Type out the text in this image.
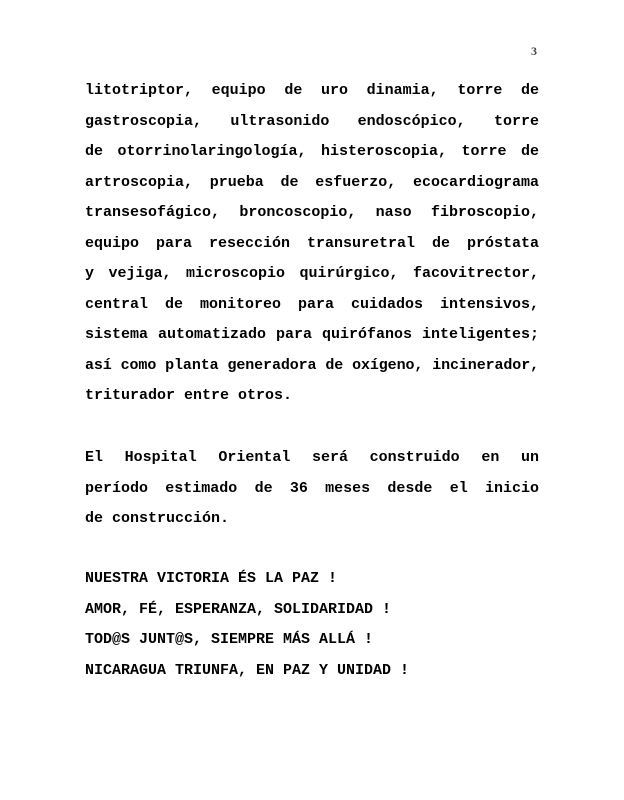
3
litotriptor, equipo de uro dinamia, torre de
gastroscopia, ultrasonido endoscópico, torre
de otorrinolaringología, histeroscopia, torre de
artroscopia, prueba de esfuerzo, ecocardiograma
transesofágico, broncoscopio, naso fibroscopio,
equipo para resección transuretral de próstata
y vejiga, microscopio quirúrgico, facovitrector,
central de monitoreo para cuidados intensivos,
sistema automatizado para quirófanos inteligentes;
así como planta generadora de oxígeno, incinerador,
triturador entre otros.
El Hospital Oriental será construido en un
período estimado de 36 meses desde el inicio
de construcción.
NUESTRA VICTORIA ÉS LA PAZ !
AMOR, FÉ, ESPERANZA, SOLIDARIDAD !
TOD@S JUNT@S, SIEMPRE MÁS ALLÁ !
NICARAGUA TRIUNFA, EN PAZ Y UNIDAD !
